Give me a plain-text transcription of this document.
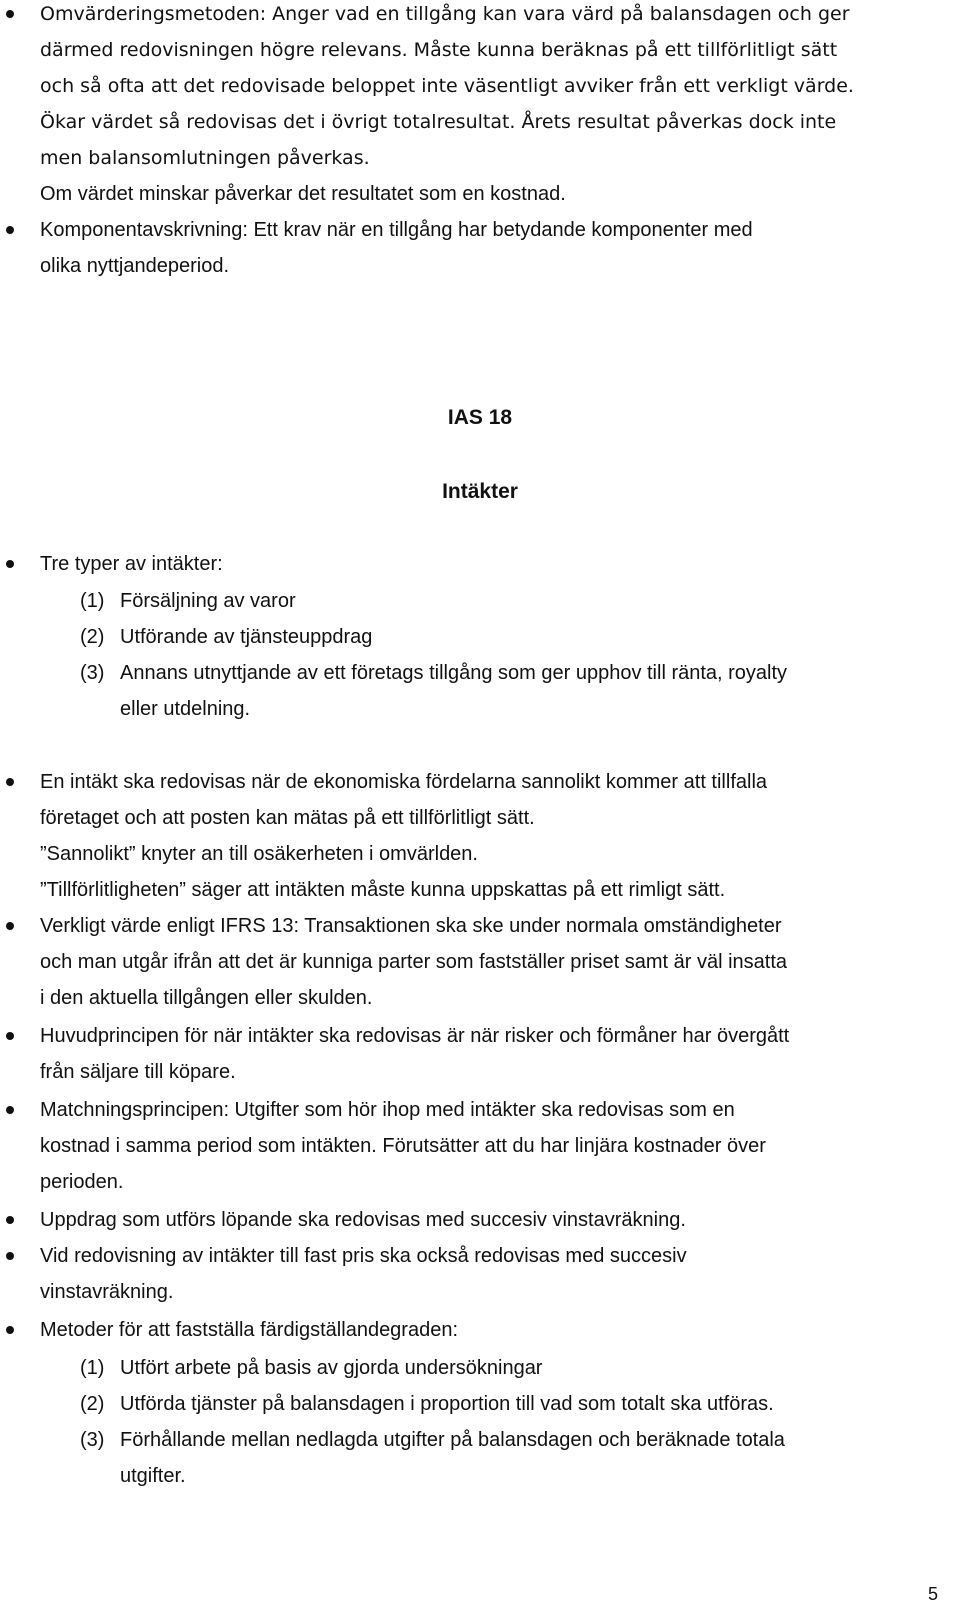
Omvärderingsmetoden: Anger vad en tillgång kan vara värd på balansdagen och ger
därmed redovisningen högre relevans. Måste kunna beräknas på ett tillförlitligt sätt
och så ofta att det redovisade beloppet inte väsentligt avviker från ett verkligt värde.
Ökar värdet så redovisas det i övrigt totalresultat. Årets resultat påverkas dock inte
men balansomlutningen påverkas.
Om värdet minskar påverkar det resultatet som en kostnad.
Komponentavskrivning: Ett krav när en tillgång har betydande komponenter med
olika nyttjandeperiod.
IAS 18
Intäkter
Tre typer av intäkter:
(1) Försäljning av varor
(2) Utförande av tjänsteuppdrag
(3) Annans utnyttjande av ett företags tillgång som ger upphov till ränta, royalty
eller utdelning.
En intäkt ska redovisas när de ekonomiska fördelarna sannolikt kommer att tillfalla
företaget och att posten kan mätas på ett tillförlitligt sätt.
”Sannolikt” knyter an till osäkerheten i omvärlden.
”Tillförlitligheten” säger att intäkten måste kunna uppskattas på ett rimligt sätt.
Verkligt värde enligt IFRS 13: Transaktionen ska ske under normala omständigheter
och man utgår ifrån att det är kunniga parter som fastställer priset samt är väl insatta
i den aktuella tillgången eller skulden.
Huvudprincipen för när intäkter ska redovisas är när risker och förmåner har övergått
från säljare till köpare.
Matchningsprincipen: Utgifter som hör ihop med intäkter ska redovisas som en
kostnad i samma period som intäkten. Förutsätter att du har linjära kostnader över
perioden.
Uppdrag som utförs löpande ska redovisas med succesiv vinstavräkning.
Vid redovisning av intäkter till fast pris ska också redovisas med succesiv
vinstavräkning.
Metoder för att fastställa färdigställandegraden:
(1) Utfört arbete på basis av gjorda undersökningar
(2) Utförda tjänster på balansdagen i proportion till vad som totalt ska utföras.
(3) Förhållande mellan nedlagda utgifter på balansdagen och beräknade totala
utgifter.
5
